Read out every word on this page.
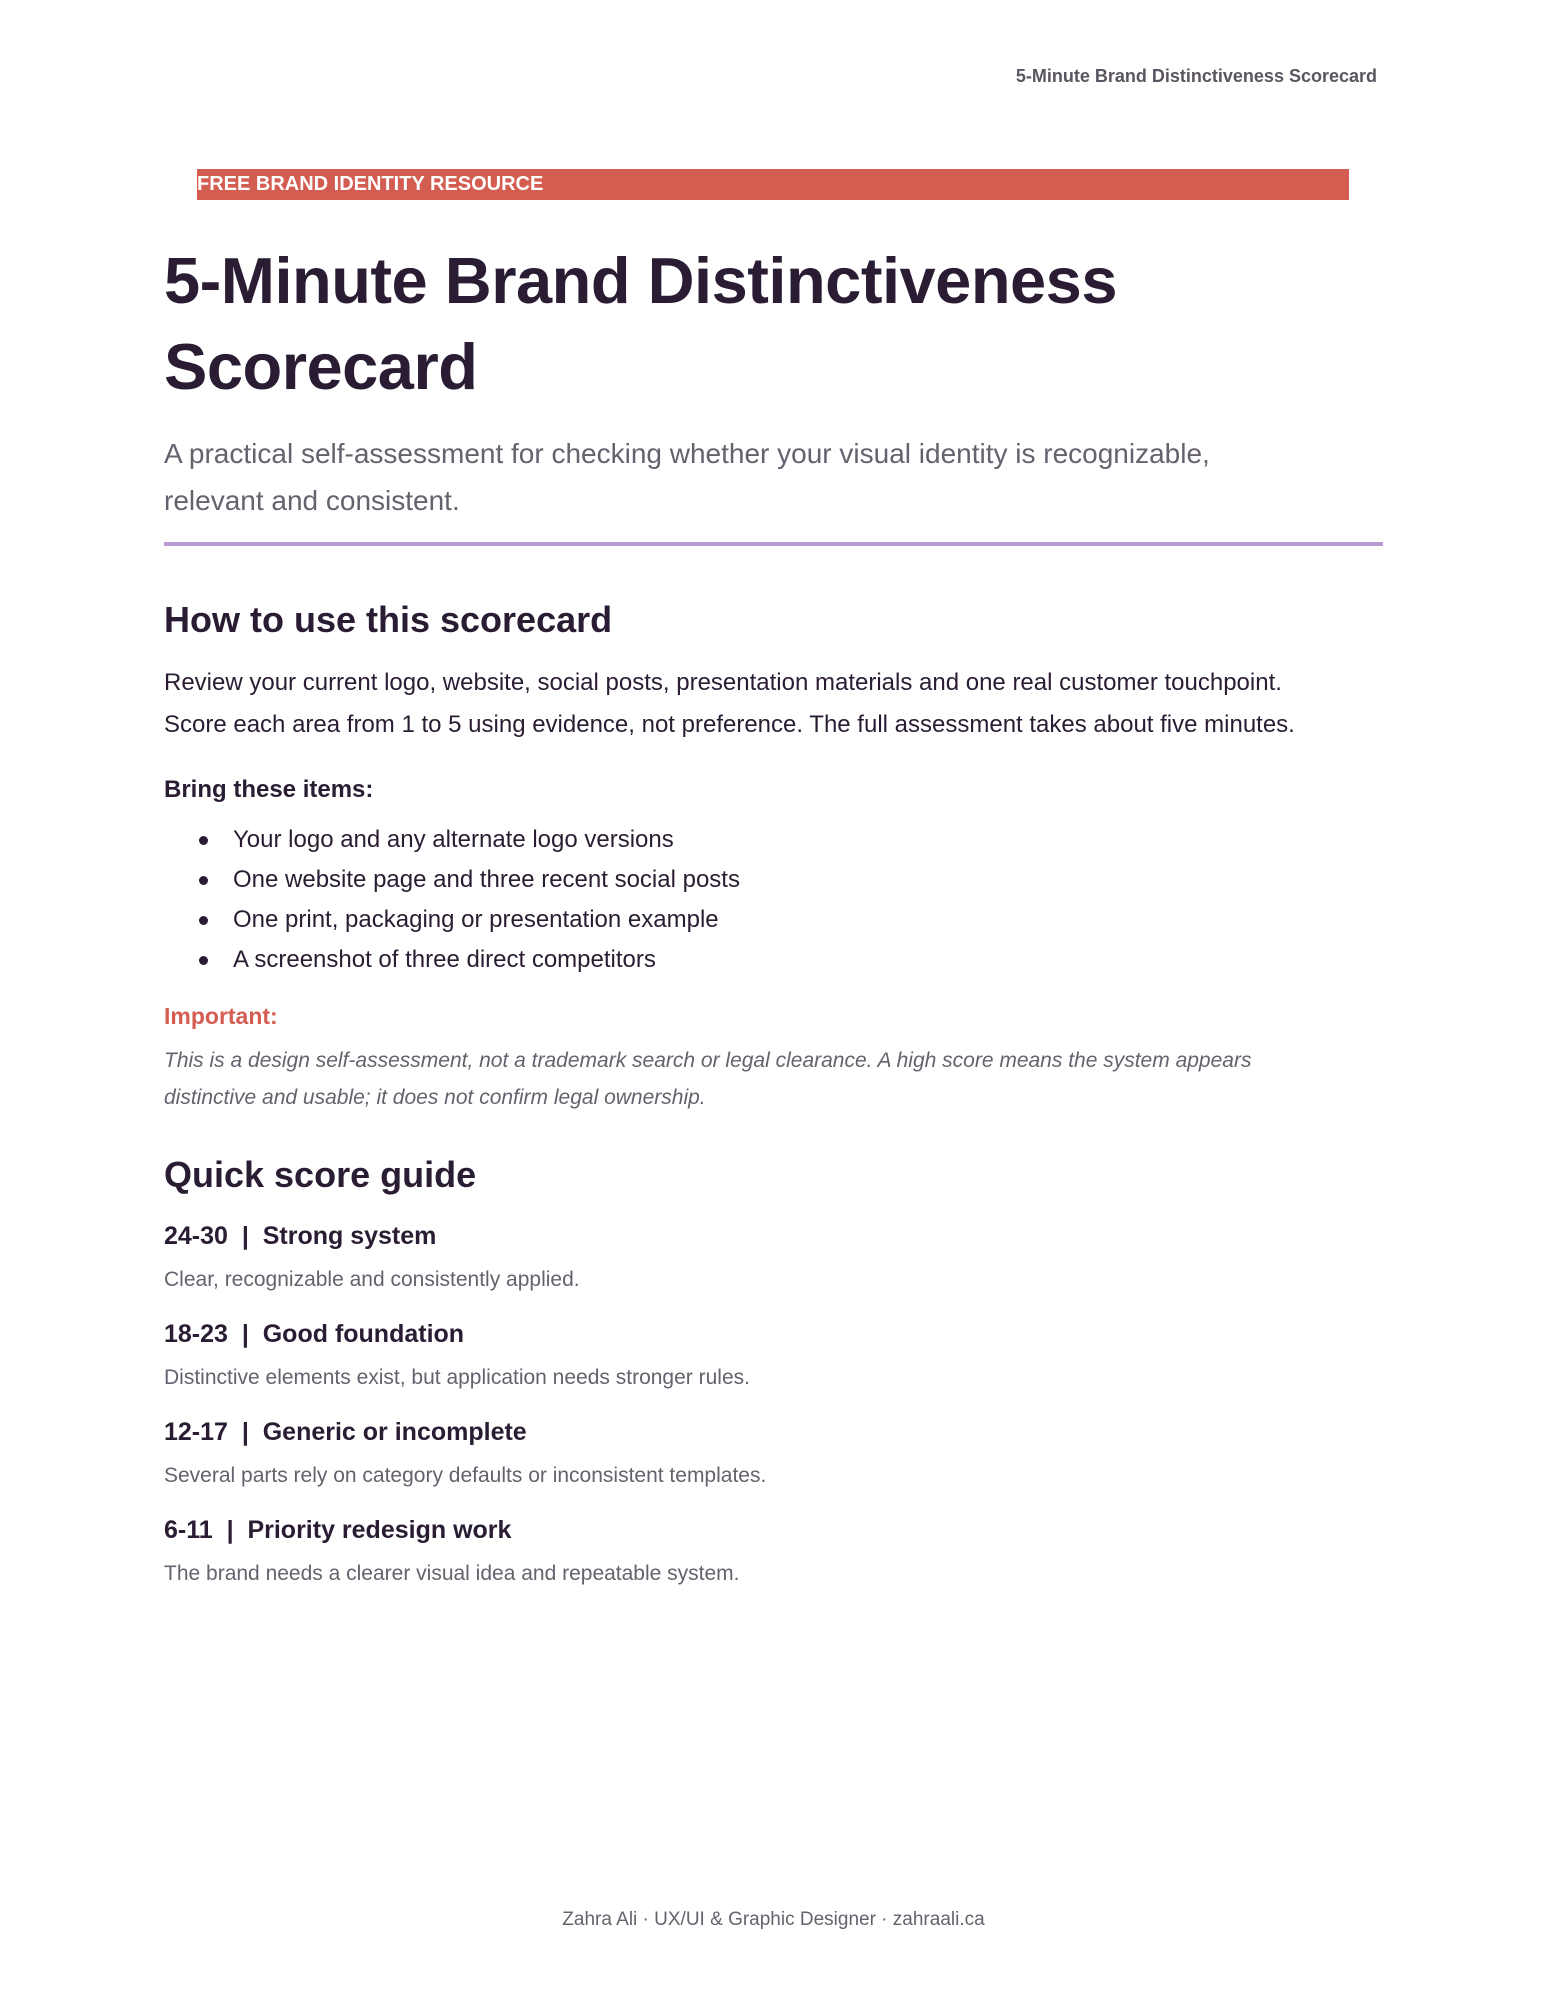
5-Minute Brand Distinctiveness Scorecard
FREE BRAND IDENTITY RESOURCE
5-Minute Brand Distinctiveness
Scorecard

A practical self-assessment for checking whether your visual identity is recognizable,
relevant and consistent.

How to use this scorecard

Review your current logo, website, social posts, presentation materials and one real customer touchpoint.
Score each area from 1 to 5 using evidence, not preference. The full assessment takes about five minutes.

Bring these items:

Your logo and any alternate logo versions
One website page and three recent social posts
One print, packaging or presentation example
A screenshot of three direct competitors

Important:

This is a design self-assessment, not a trademark search or legal clearance. A high score means the system appears
distinctive and usable; it does not confirm legal ownership.

Quick score guide
24-30  |  Strong system
Clear, recognizable and consistently applied.
18-23  |  Good foundation
Distinctive elements exist, but application needs stronger rules.
12-17  |  Generic or incomplete
Several parts rely on category defaults or inconsistent templates.
6-11  |  Priority redesign work
The brand needs a clearer visual idea and repeatable system.
Zahra Ali · UX/UI & Graphic Designer · zahraali.ca
